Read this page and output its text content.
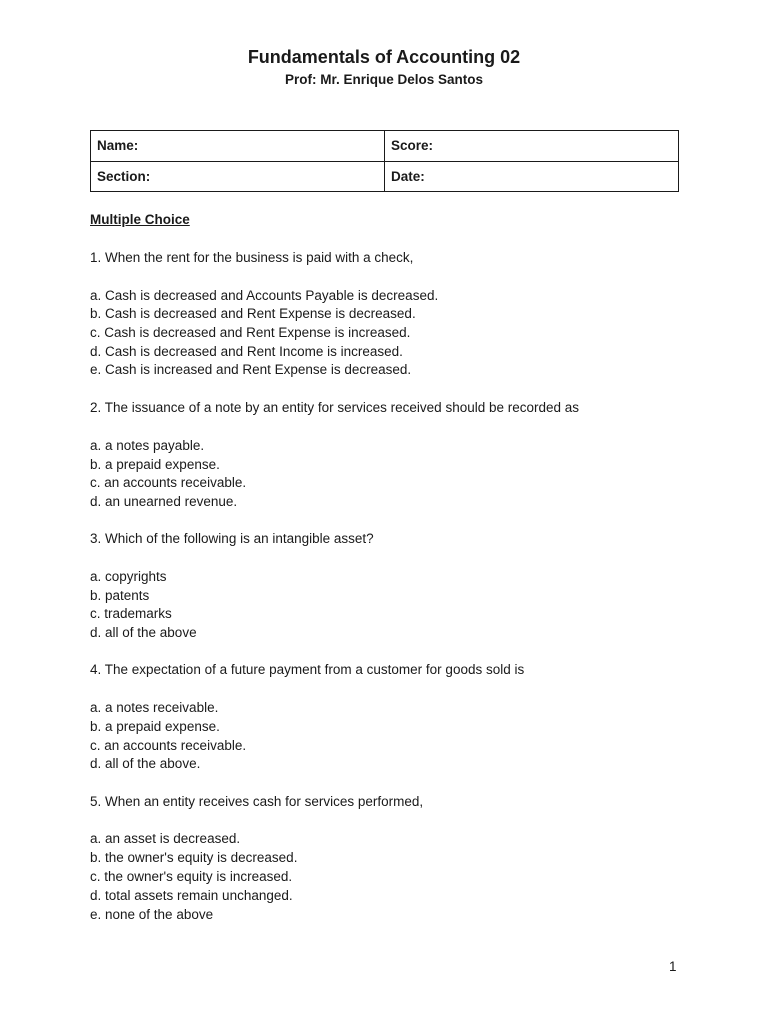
Fundamentals of Accounting 02
Prof: Mr. Enrique Delos Santos
Name:	Score:
Section:	Date:
Multiple Choice
1. When the rent for the business is paid with a check,
a. Cash is decreased and Accounts Payable is decreased.
b. Cash is decreased and Rent Expense is decreased.
c. Cash is decreased and Rent Expense is increased.
d. Cash is decreased and Rent Income is increased.
e. Cash is increased and Rent Expense is decreased.
2. The issuance of a note by an entity for services received should be recorded as
a. a notes payable.
b. a prepaid expense.
c. an accounts receivable.
d. an unearned revenue.
3. Which of the following is an intangible asset?
a. copyrights
b. patents
c. trademarks
d. all of the above
4. The expectation of a future payment from a customer for goods sold is
a. a notes receivable.
b. a prepaid expense.
c. an accounts receivable.
d. all of the above.
5. When an entity receives cash for services performed,
a. an asset is decreased.
b. the owner's equity is decreased.
c. the owner's equity is increased.
d. total assets remain unchanged.
e. none of the above
1
